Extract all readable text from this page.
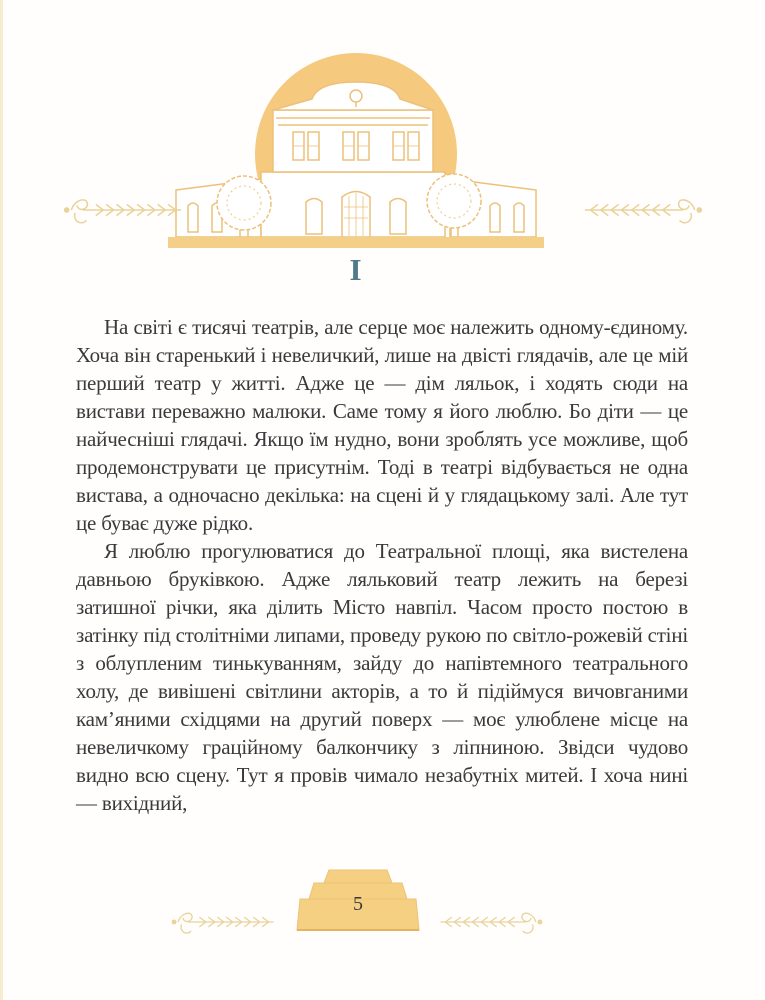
I

На світі є тисячі театрів, але серце моє належить одному-єдиному. Хоча він старенький і невеличкий, лише на двісті глядачів, але це мій перший театр у житті. Адже це — дім ляльок, і ходять сюди на вистави переважно малюки. Саме тому я його люблю. Бо діти — це найчесніші глядачі. Якщо їм нудно, вони зроблять усе можливе, щоб продемонструвати це присутнім. Тоді в театрі відбувається не одна вистава, а одночасно декілька: на сцені й у глядацькому залі. Але тут це буває дуже рідко.

Я люблю прогулюватися до Театральної площі, яка вистелена давньою бруківкою. Адже ляльковий театр лежить на березі затишної річки, яка ділить Місто навпіл. Часом просто постою в затінку під столітніми липами, проведу рукою по світло-рожевій стіні з облупленим тинькуванням, зайду до напівтемного театрального холу, де вивішені світлини акторів, а то й підіймуся вичовганими кам’яними східцями на другий поверх — моє улюблене місце на невеличкому граційному балкончику з ліпниною. Звідси чудово видно всю сцену. Тут я провів чимало незабутніх митей. І хоча нині — вихідний,

5
